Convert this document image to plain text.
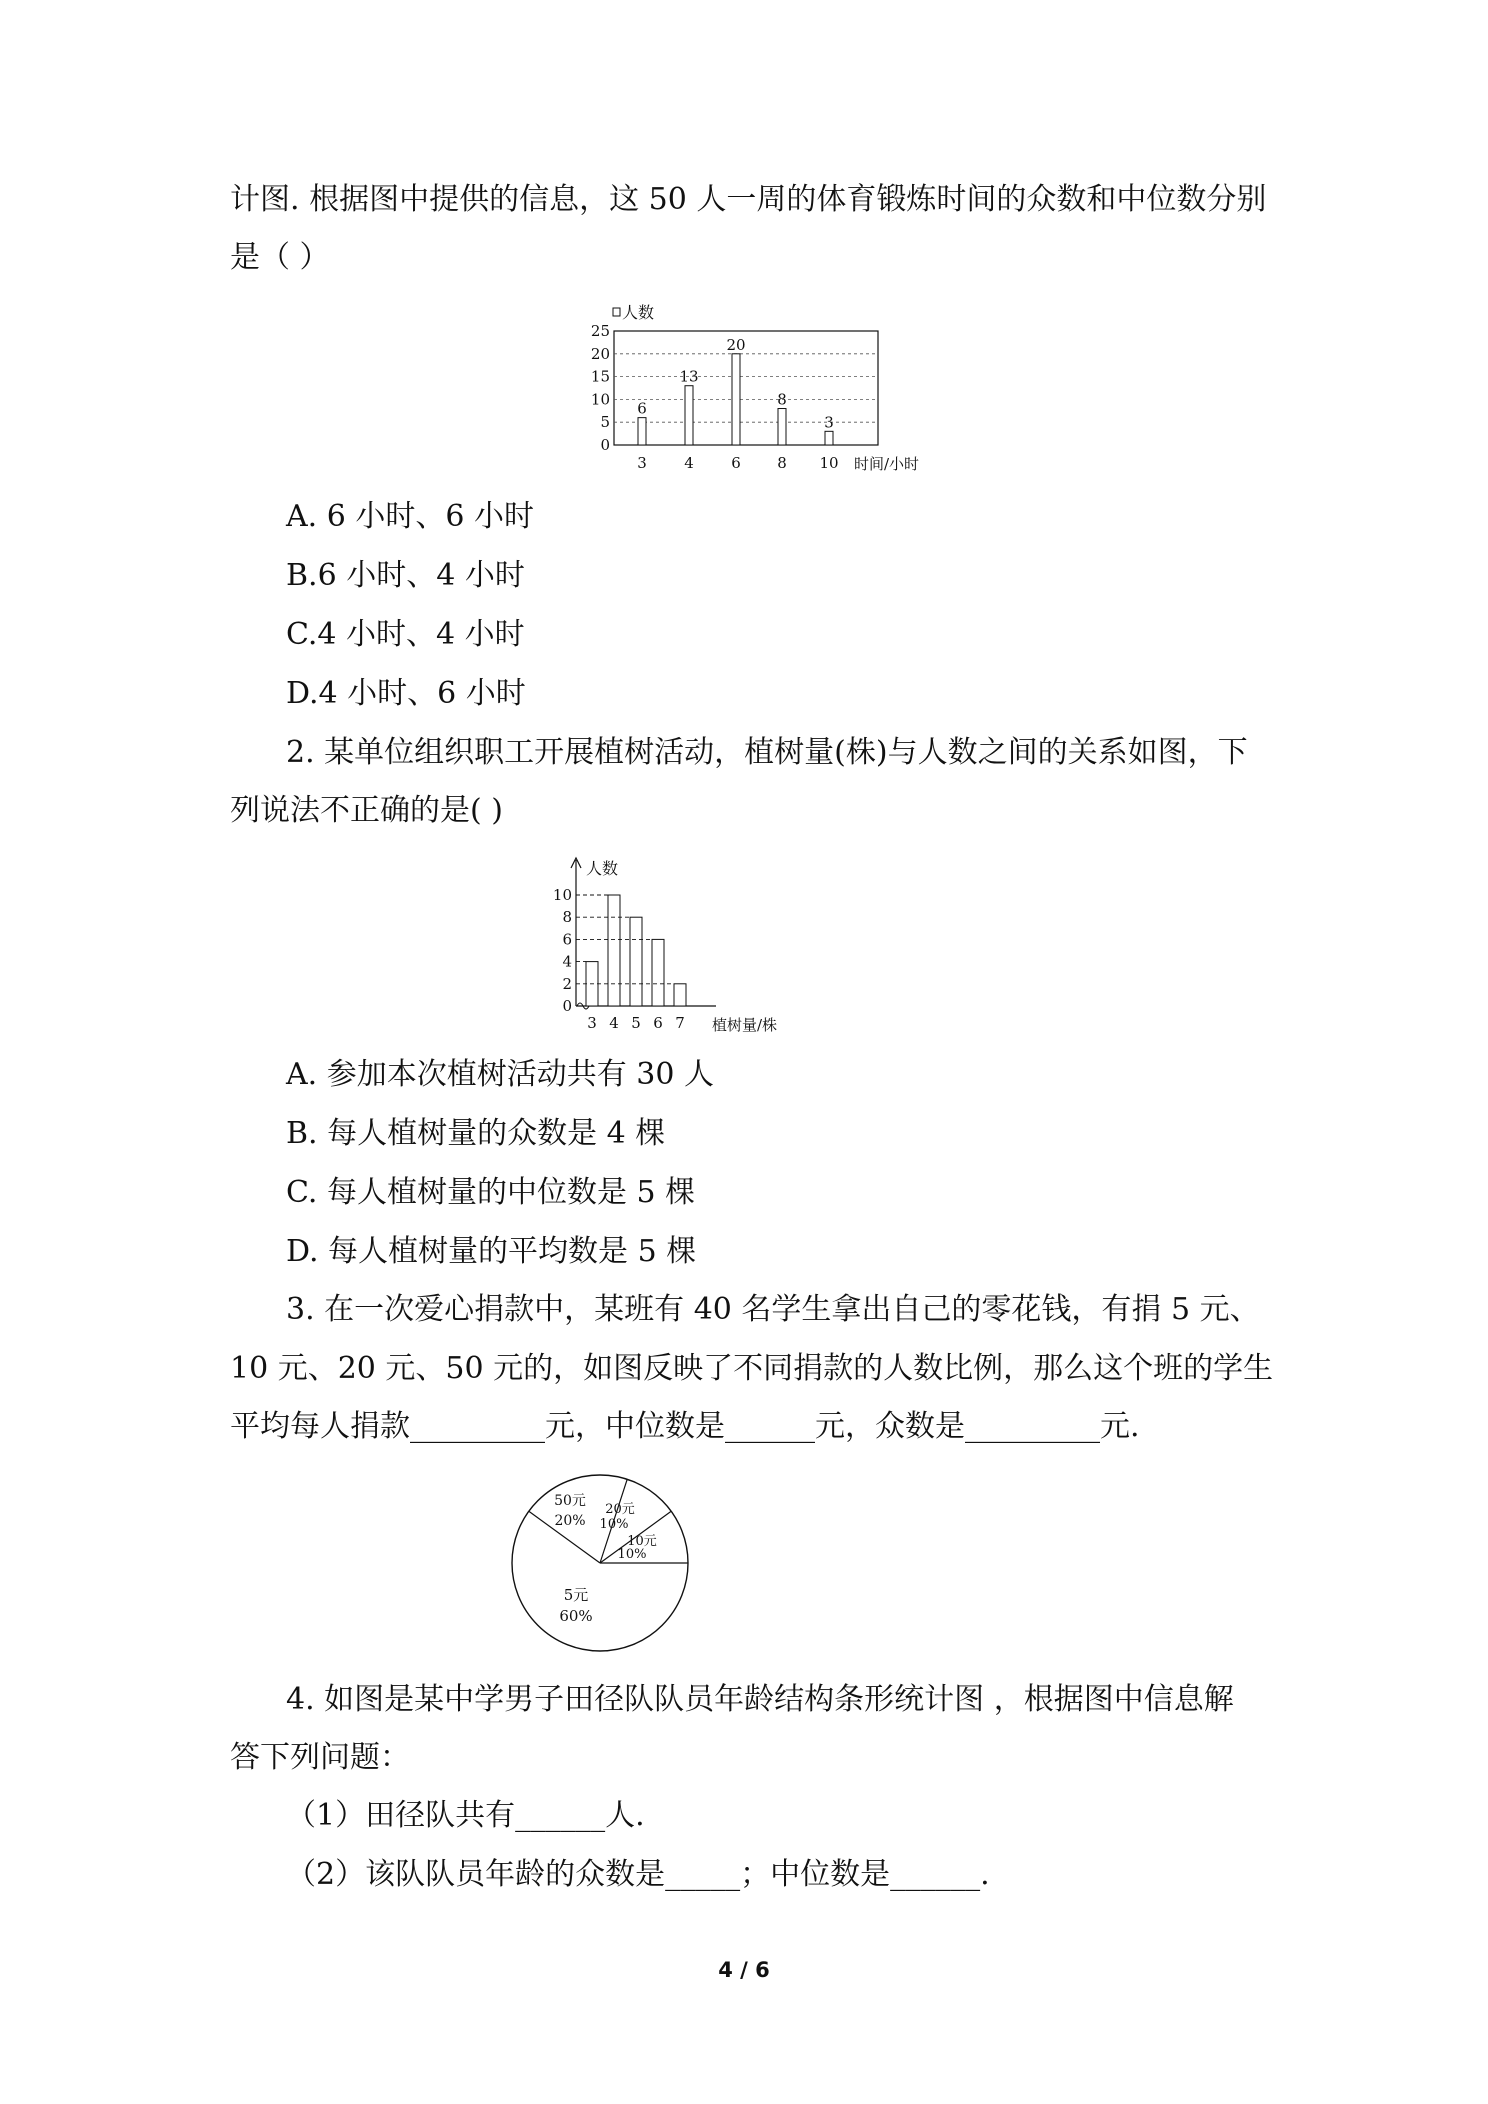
计图. 根据图中提供的信息，这 50 人一周的体育锻炼时间的众数和中位数分别
是（ ）
0
5
10
15
20
25
人数
6
3
13
4
20
6
8
8
3
10 时间/小时
A. 6 小时、6 小时
B.6 小时、4 小时
C.4 小时、4 小时
D.4 小时、6 小时
2. 某单位组织职工开展植树活动，植树量(株)与人数之间的关系如图，下
列说法不正确的是( )
人数
0
2
4
6
8
10
3 4 5 6 7 植树量/株
A. 参加本次植树活动共有 30 人
B. 每人植树量的众数是 4 棵
C. 每人植树量的中位数是 5 棵
D. 每人植树量的平均数是 5 棵
3. 在一次爱心捐款中，某班有 40 名学生拿出自己的零花钱，有捐 5 元、
10 元、20 元、50 元的，如图反映了不同捐款的人数比例，那么这个班的学生
平均每人捐款_________元，中位数是______元，众数是_________元.
5元
60%
10元
10%
20元
10%
50元
20%
4. 如图是某中学男子田径队队员年龄结构条形统计图 ，根据图中信息解
答下列问题：
（1）田径队共有______人.
（2）该队队员年龄的众数是_____；中位数是______.
4 / 6
